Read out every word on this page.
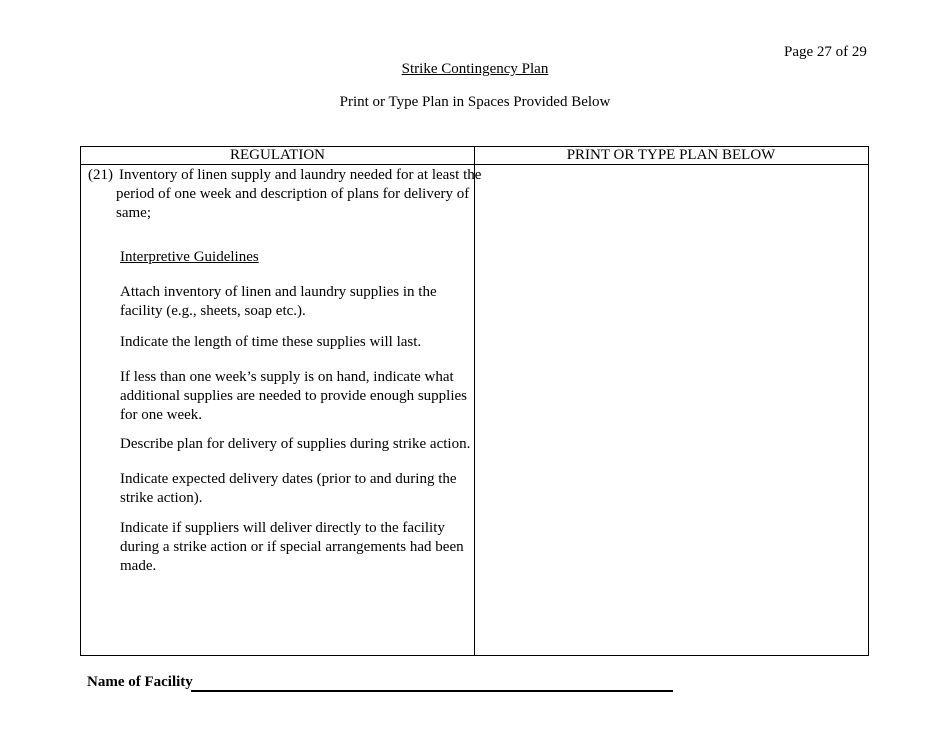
Page 27 of 29
Strike Contingency Plan
Print or Type Plan in Spaces Provided Below
REGULATION	PRINT OR TYPE PLAN BELOW
(21) Inventory of linen supply and laundry needed for at least the
period of one week and description of plans for delivery of
same;
Interpretive Guidelines
Attach inventory of linen and laundry supplies in the
facility (e.g., sheets, soap etc.).
Indicate the length of time these supplies will last.
If less than one week’s supply is on hand, indicate what
additional supplies are needed to provide enough supplies
for one week.
Describe plan for delivery of supplies during strike action.
Indicate expected delivery dates (prior to and during the
strike action).
Indicate if suppliers will deliver directly to the facility
during a strike action or if special arrangements had been
made.
Name of Facility
